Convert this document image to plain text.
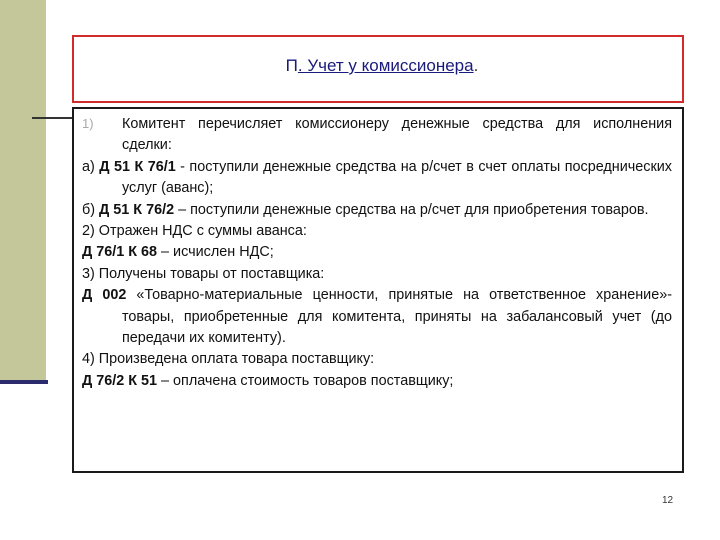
П. Учет у комиссионера.

1) Комитент перечисляет комиссионеру денежные средства для исполнения сделки:

а) Д 51 К 76/1 - поступили денежные средства на р/счет в счет оплаты посреднических услуг (аванс);

б) Д 51 К 76/2 – поступили денежные средства на р/счет для приобретения товаров.

2) Отражен НДС с суммы аванса:

Д 76/1 К 68 – исчислен НДС;

3) Получены товары от поставщика:

Д 002 «Товарно-материальные ценности, принятые на ответственное хранение»- товары, приобретенные для комитента, приняты на забалансовый учет (до передачи их комитенту).

4) Произведена оплата товара поставщику:

Д 76/2 К 51 – оплачена стоимость товаров поставщику;

12
